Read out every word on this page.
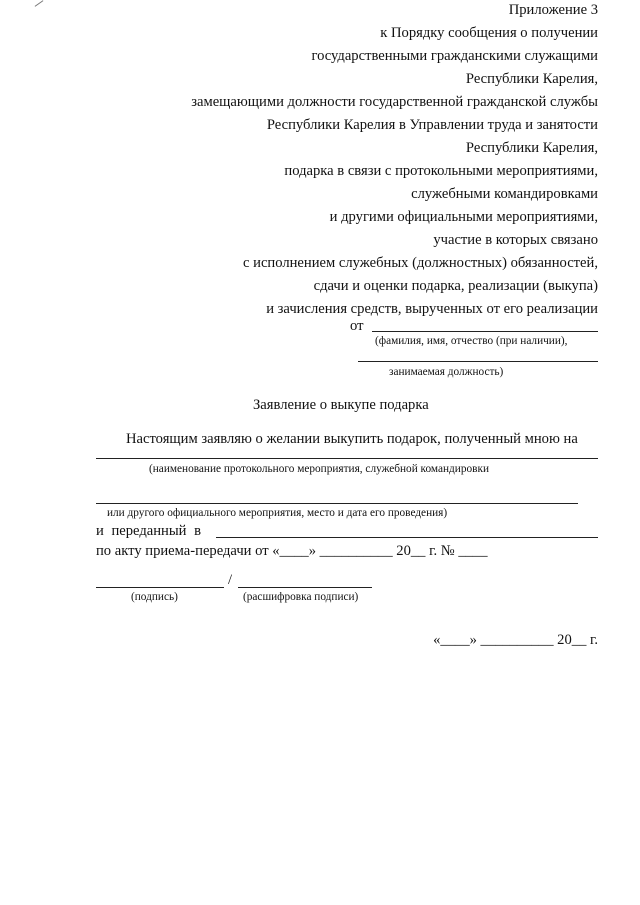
Приложение 3
к Порядку сообщения о получении
государственными гражданскими служащими
Республики Карелия,
замещающими должности государственной гражданской службы
Республики Карелия в Управлении труда и занятости
Республики Карелия,
подарка в связи с протокольными мероприятиями,
служебными командировками
и другими официальными мероприятиями,
участие в которых связано
с исполнением служебных (должностных) обязанностей,
сдачи и оценки подарка, реализации (выкупа)
и зачисления средств, вырученных от его реализации
от
(фамилия, имя, отчество (при наличии),
занимаемая должность)
Заявление о выкупе подарка
Настоящим заявляю о желании выкупить подарок, полученный мною на
(наименование протокольного мероприятия, служебной командировки
или другого официального мероприятия, место и дата его проведения)
и переданный в
по акту приема-передачи от «____» __________ 20__ г. № ____
/
(подпись)	(расшифровка подписи)
«____» __________ 20__ г.
